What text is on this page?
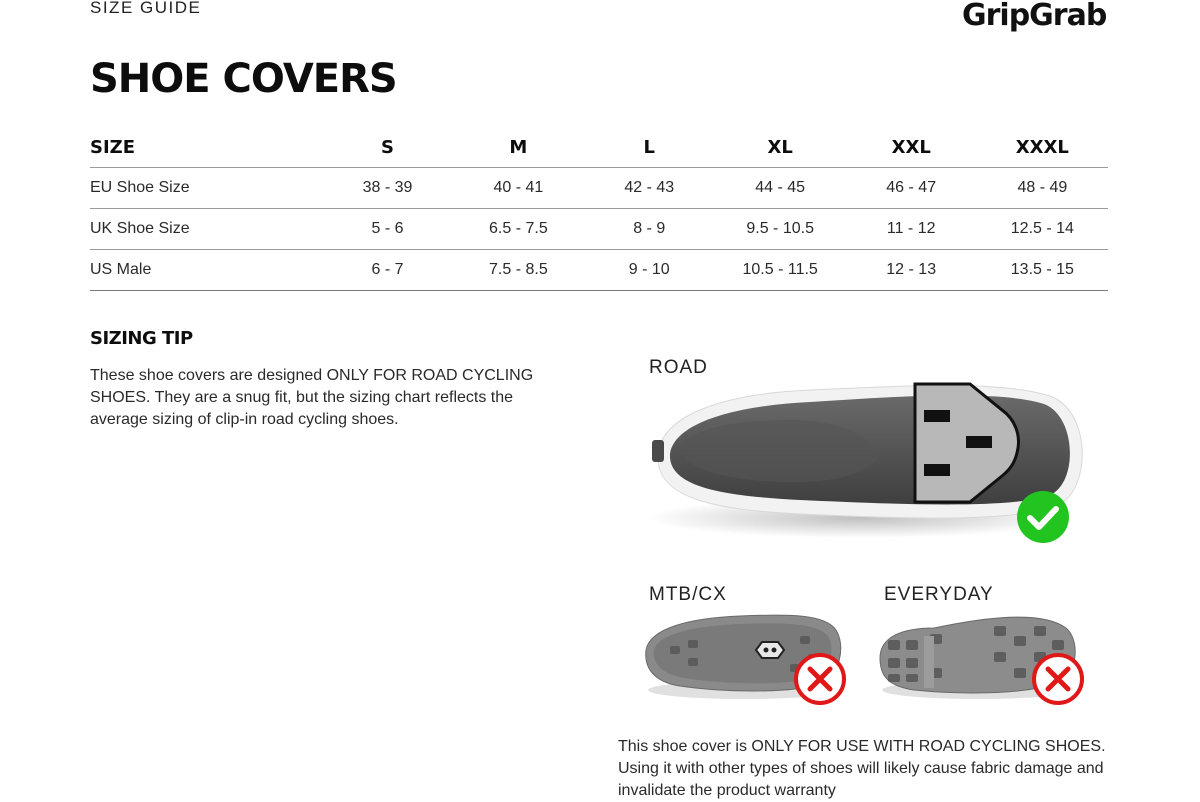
SIZE GUIDE	GripGrab
SHOE COVERS
SIZE	S	M	L	XL	XXL	XXXL
EU Shoe Size	38 - 39	40 - 41	42 - 43	44 - 45	46 - 47	48 - 49
UK Shoe Size	5 - 6	6.5 - 7.5	8 - 9	9.5 - 10.5	11 - 12	12.5 - 14
US Male	6 - 7	7.5 - 8.5	9 - 10	10.5 - 11.5	12 - 13	13.5 - 15
SIZING TIP

These shoe covers are designed ONLY FOR ROAD CYCLING SHOES. They are a snug fit, but the sizing chart reflects the average sizing of clip-in road cycling shoes.

ROAD
MTB/CX	EVERYDAY

This shoe cover is ONLY FOR USE WITH ROAD CYCLING SHOES. Using it with other types of shoes will likely cause fabric damage and invalidate the product warranty
